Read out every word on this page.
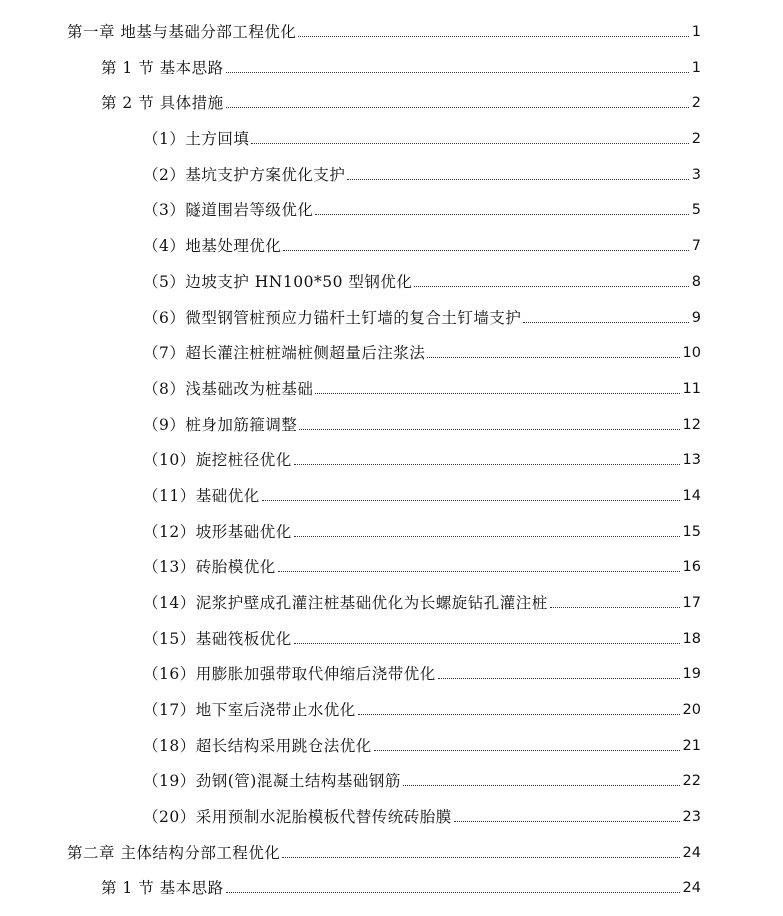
第一章 地基与基础分部工程优化	1
第 1 节 基本思路	1
第 2 节 具体措施	2
（1）土方回填	2
（2）基坑支护方案优化支护	3
（3）隧道围岩等级优化	5
（4）地基处理优化	7
（5）边坡支护 HN100*50 型钢优化	8
（6）微型钢管桩预应力锚杆土钉墙的复合土钉墙支护	9
（7）超长灌注桩桩端桩侧超量后注浆法	10
（8）浅基础改为桩基础	11
（9）桩身加筋箍调整	12
（10）旋挖桩径优化	13
（11）基础优化	14
（12）坡形基础优化	15
（13）砖胎模优化	16
（14）泥浆护壁成孔灌注桩基础优化为长螺旋钻孔灌注桩	17
（15）基础筏板优化	18
（16）用膨胀加强带取代伸缩后浇带优化	19
（17）地下室后浇带止水优化	20
（18）超长结构采用跳仓法优化	21
（19）劲钢(管)混凝土结构基础钢筋	22
（20）采用预制水泥胎模板代替传统砖胎膜	23
第二章 主体结构分部工程优化	24
第 1 节 基本思路	24
